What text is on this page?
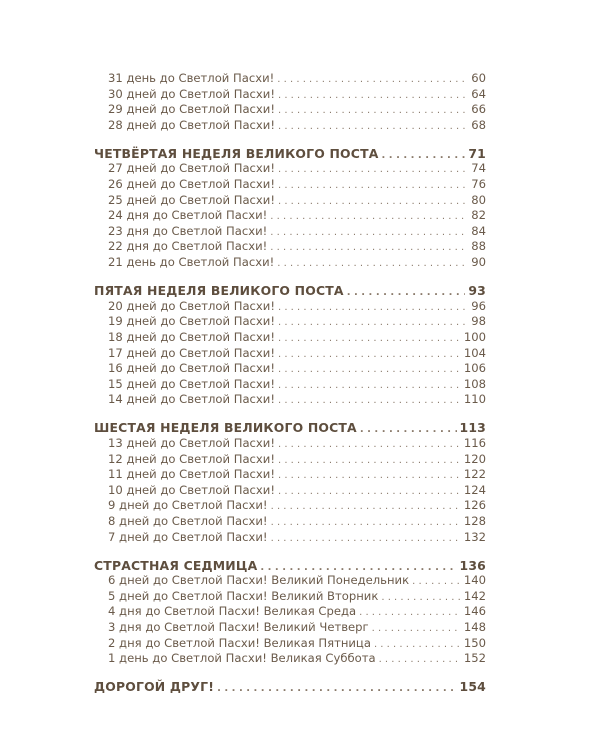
31 день до Светлой Пасхи! . . .	60
30 дней до Светлой Пасхи! . . .	64
29 дней до Светлой Пасхи! . . .	66
28 дней до Светлой Пасхи! . . .	68
ЧЕТВЁРТАЯ НЕДЕЛЯ ВЕЛИКОГО ПОСТА . . .	71
27 дней до Светлой Пасхи! . . .	74
26 дней до Светлой Пасхи! . . .	76
25 дней до Светлой Пасхи! . . .	80
24 дня до Светлой Пасхи! . . .	82
23 дня до Светлой Пасхи! . . .	84
22 дня до Светлой Пасхи! . . .	88
21 день до Светлой Пасхи! . . .	90
ПЯТАЯ НЕДЕЛЯ ВЕЛИКОГО ПОСТА . . .	93
20 дней до Светлой Пасхи! . . .	96
19 дней до Светлой Пасхи! . . .	98
18 дней до Светлой Пасхи! . . .	100
17 дней до Светлой Пасхи! . . .	104
16 дней до Светлой Пасхи! . . .	106
15 дней до Светлой Пасхи! . . .	108
14 дней до Светлой Пасхи! . . .	110
ШЕСТАЯ НЕДЕЛЯ ВЕЛИКОГО ПОСТА . . .	113
13 дней до Светлой Пасхи! . . .	116
12 дней до Светлой Пасхи! . . .	120
11 дней до Светлой Пасхи! . . .	122
10 дней до Светлой Пасхи! . . .	124
9 дней до Светлой Пасхи! . . .	126
8 дней до Светлой Пасхи! . . .	128
7 дней до Светлой Пасхи! . . .	132
СТРАСТНАЯ СЕДМИЦА . . .	136
6 дней до Светлой Пасхи! Великий Понедельник . . .	140
5 дней до Светлой Пасхи! Великий Вторник . . .	142
4 дня до Светлой Пасхи! Великая Среда . . .	146
3 дня до Светлой Пасхи! Великий Четверг . . .	148
2 дня до Светлой Пасхи! Великая Пятница . . .	150
1 день до Светлой Пасхи! Великая Суббота . . .	152
ДОРОГОЙ ДРУГ! . . .	154
